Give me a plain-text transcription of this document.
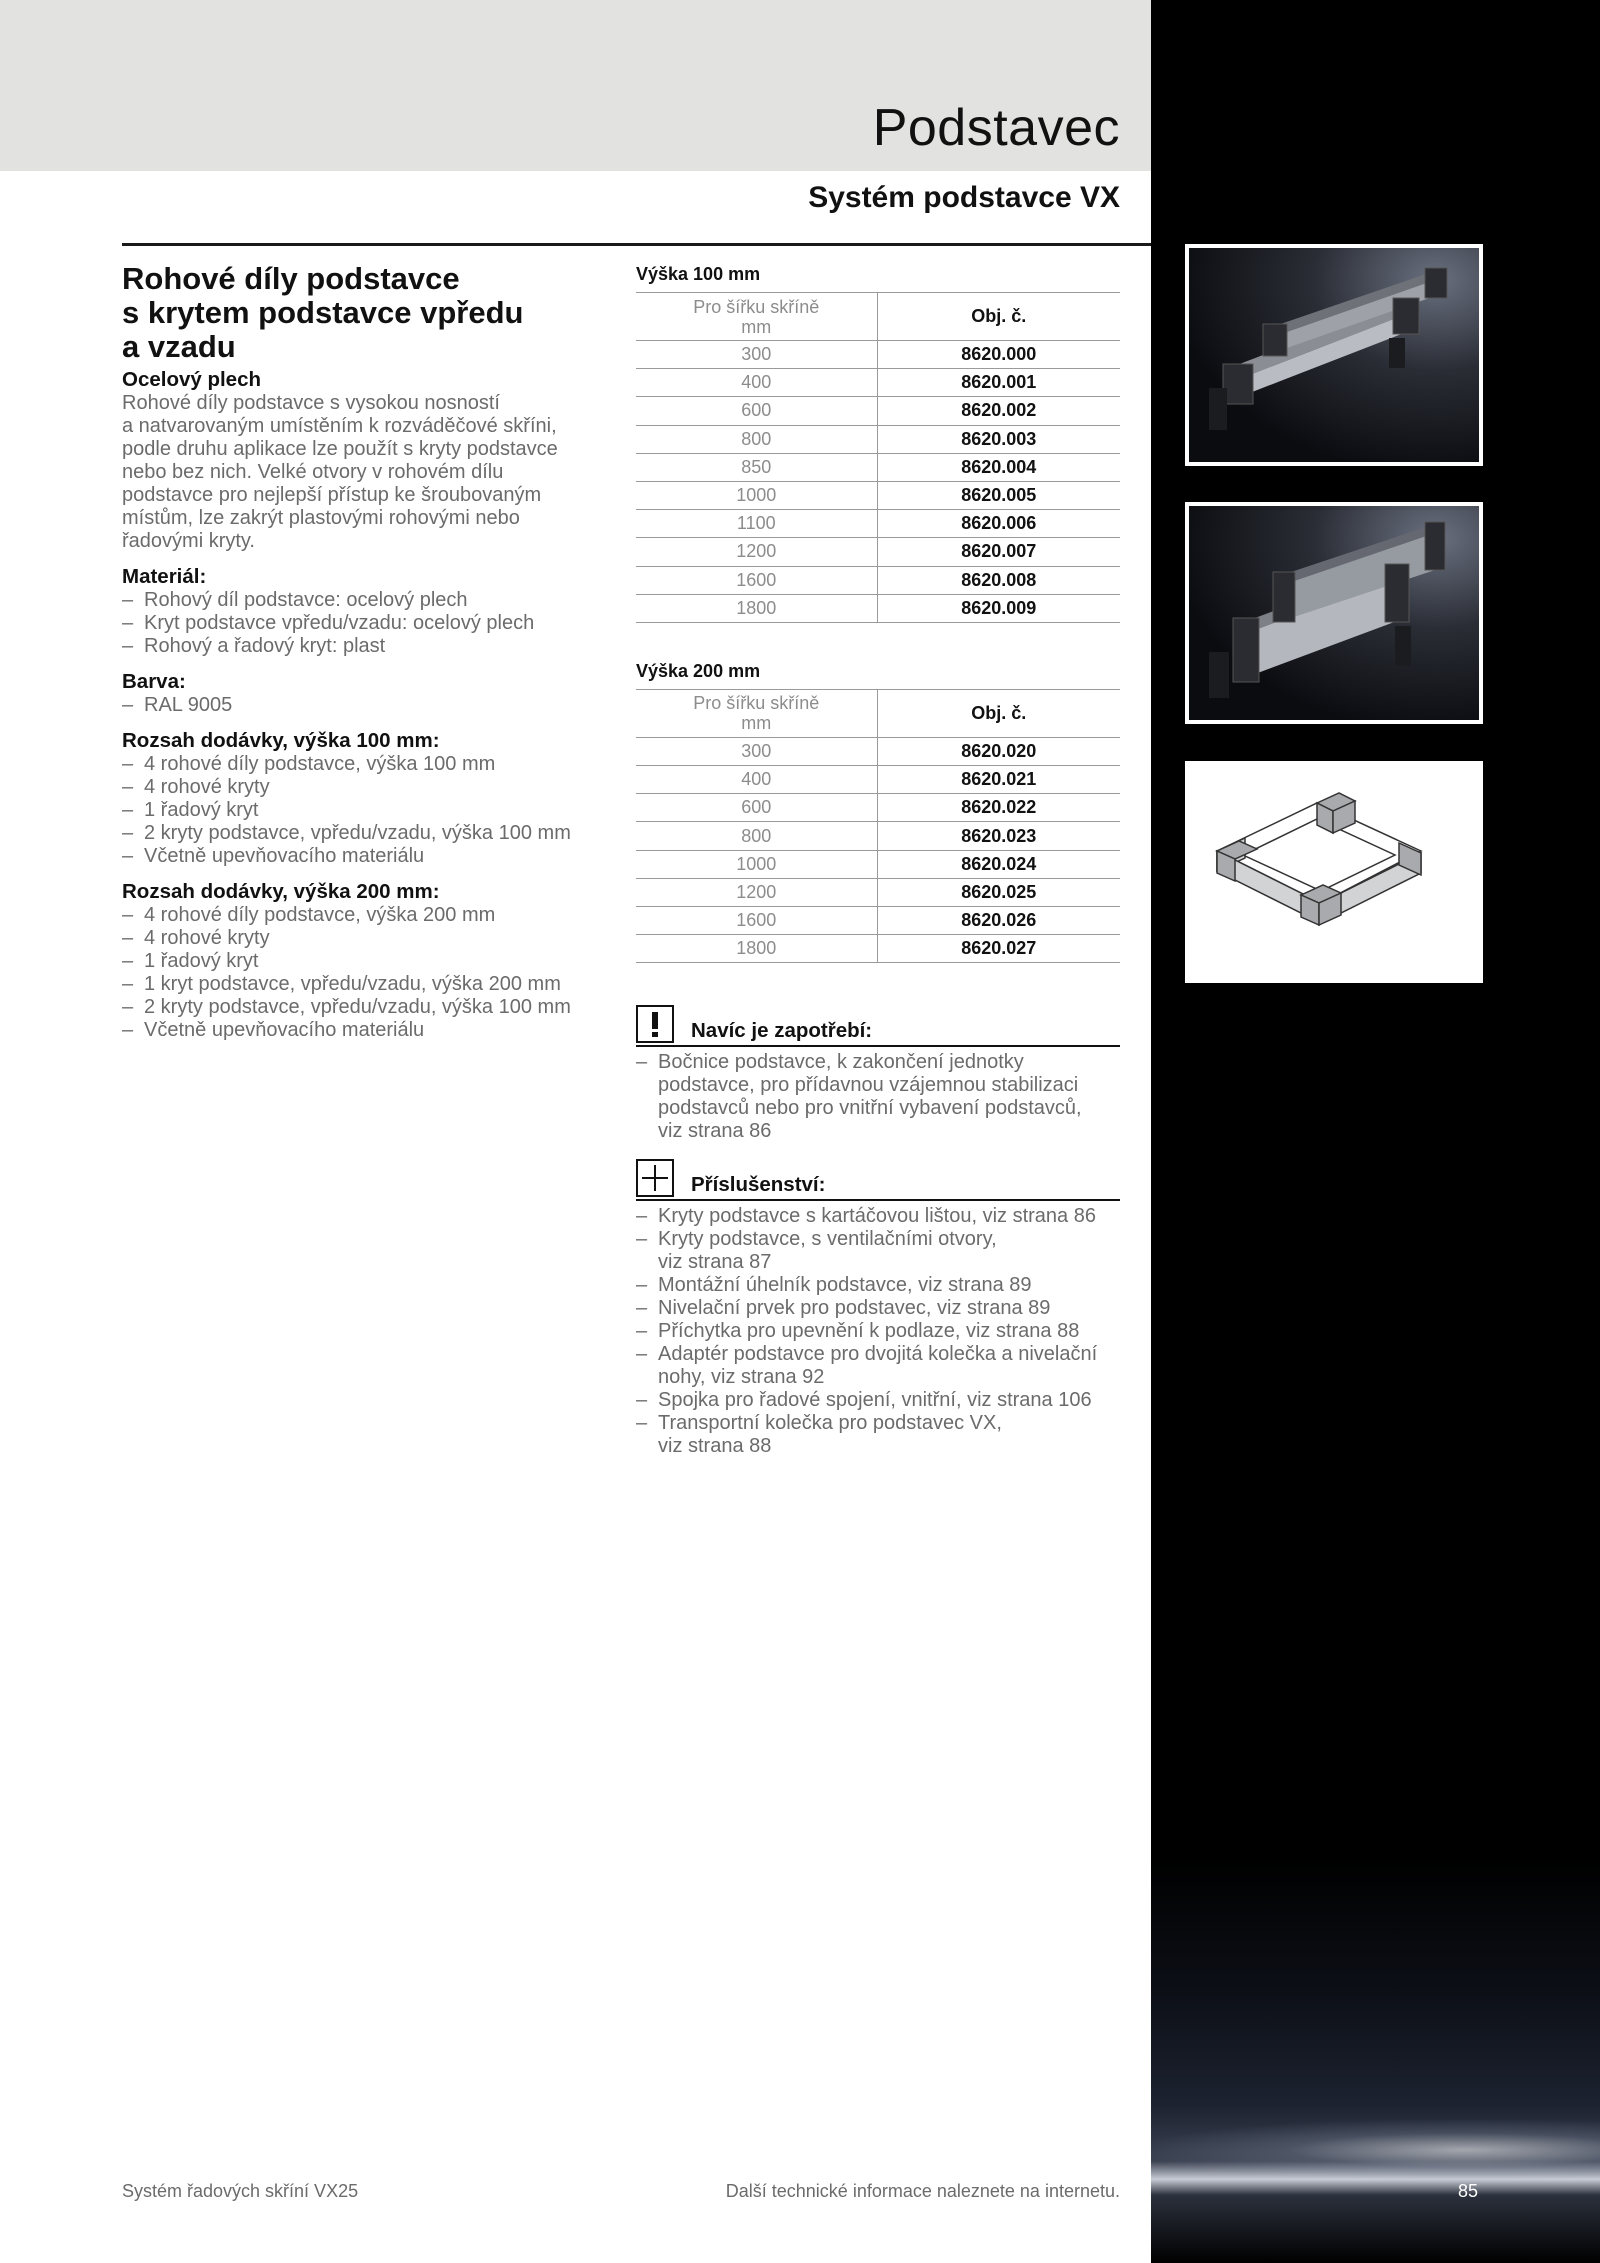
Podstavec
Systém podstavce VX
Rohové díly podstavce
s krytem podstavce vpředu
a vzadu
Ocelový plech

Rohové díly podstavce s vysokou nosností
a natvarovaným umístěním k rozváděčové skříni,
podle druhu aplikace lze použít s kryty podstavce
nebo bez nich. Velké otvory v rohovém dílu
podstavce pro nejlepší přístup ke šroubovaným
místům, lze zakrýt plastovými rohovými nebo
řadovými kryty.

Materiál:
– Rohový díl podstavce: ocelový plech
– Kryt podstavce vpředu/vzadu: ocelový plech
– Rohový a řadový kryt: plast
Barva:
– RAL 9005
Rozsah dodávky, výška 100 mm:
– 4 rohové díly podstavce, výška 100 mm
– 4 rohové kryty
– 1 řadový kryt
– 2 kryty podstavce, vpředu/vzadu, výška 100 mm
– Včetně upevňovacího materiálu
Rozsah dodávky, výška 200 mm:
– 4 rohové díly podstavce, výška 200 mm
– 4 rohové kryty
– 1 řadový kryt
– 1 kryt podstavce, vpředu/vzadu, výška 200 mm
– 2 kryty podstavce, vpředu/vzadu, výška 100 mm
– Včetně upevňovacího materiálu
Výška 100 mm
Pro šířku skříně
mm	Obj. č.
300	8620.000
400	8620.001
600	8620.002
800	8620.003
850	8620.004
1000	8620.005
1100	8620.006
1200	8620.007
1600	8620.008
1800	8620.009
Výška 200 mm
Pro šířku skříně
mm	Obj. č.
300	8620.020
400	8620.021
600	8620.022
800	8620.023
1000	8620.024
1200	8620.025
1600	8620.026
1800	8620.027
Navíc je zapotřebí:
– Bočnice podstavce, k zakončení jednotky
podstavce, pro přídavnou vzájemnou stabilizaci
podstavců nebo pro vnitřní vybavení podstavců,
viz strana 86
Příslušenství:
– Kryty podstavce s kartáčovou lištou, viz strana 86
– Kryty podstavce, s ventilačními otvory,
viz strana 87
– Montážní úhelník podstavce, viz strana 89
– Nivelační prvek pro podstavec, viz strana 89
– Příchytka pro upevnění k podlaze, viz strana 88
– Adaptér podstavce pro dvojitá kolečka a nivelační
nohy, viz strana 92
– Spojka pro řadové spojení, vnitřní, viz strana 106
– Transportní kolečka pro podstavec VX,
viz strana 88
Systém řadových skříní VX25	Další technické informace naleznete na internetu.	85
